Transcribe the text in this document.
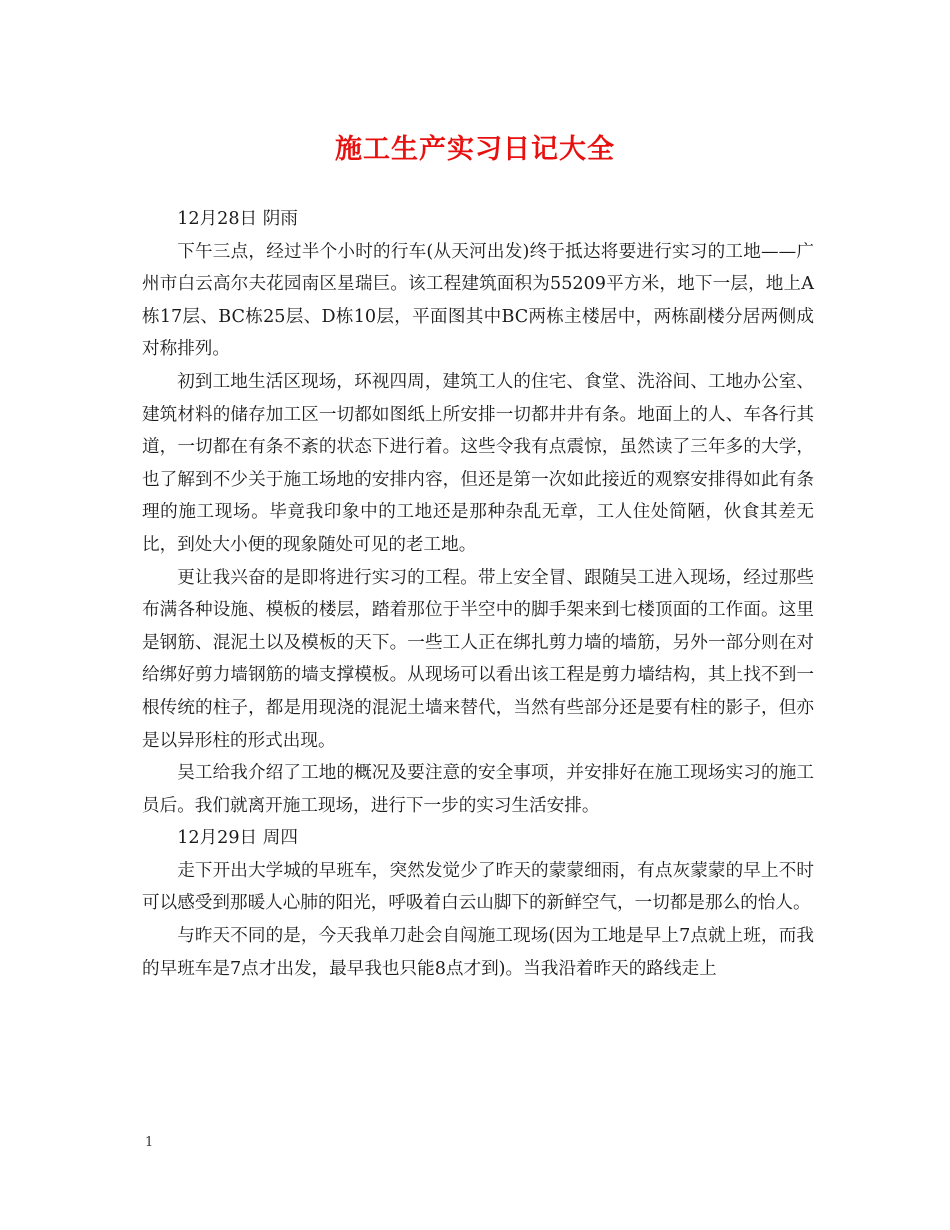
施工生产实习日记大全

12月28日 阴雨

下午三点，经过半个小时的行车(从天河出发)终于抵达将要进行实习的工地——广州市白云高尔夫花园南区星瑞巨。该工程建筑面积为55209平方米，地下一层，地上A栋17层、BC栋25层、D栋10层，平面图其中BC两栋主楼居中，两栋副楼分居两侧成对称排列。

初到工地生活区现场，环视四周，建筑工人的住宅、食堂、洗浴间、工地办公室、建筑材料的储存加工区一切都如图纸上所安排一切都井井有条。地面上的人、车各行其道，一切都在有条不紊的状态下进行着。这些令我有点震惊，虽然读了三年多的大学，也了解到不少关于施工场地的安排内容，但还是第一次如此接近的观察安排得如此有条理的施工现场。毕竟我印象中的工地还是那种杂乱无章，工人住处简陋，伙食其差无比，到处大小便的现象随处可见的老工地。

更让我兴奋的是即将进行实习的工程。带上安全冒、跟随吴工进入现场，经过那些布满各种设施、模板的楼层，踏着那位于半空中的脚手架来到七楼顶面的工作面。这里是钢筋、混泥土以及模板的天下。一些工人正在绑扎剪力墙的墙筋，另外一部分则在对给绑好剪力墙钢筋的墙支撑模板。从现场可以看出该工程是剪力墙结构，其上找不到一根传统的柱子，都是用现浇的混泥土墙来替代，当然有些部分还是要有柱的影子，但亦是以异形柱的形式出现。

吴工给我介绍了工地的概况及要注意的安全事项，并安排好在施工现场实习的施工员后。我们就离开施工现场，进行下一步的实习生活安排。

12月29日 周四

走下开出大学城的早班车，突然发觉少了昨天的蒙蒙细雨，有点灰蒙蒙的早上不时可以感受到那暖人心肺的阳光，呼吸着白云山脚下的新鲜空气，一切都是那么的怡人。

与昨天不同的是，今天我单刀赴会自闯施工现场(因为工地是早上7点就上班，而我的早班车是7点才出发，最早我也只能8点才到)。当我沿着昨天的路线走上

1
